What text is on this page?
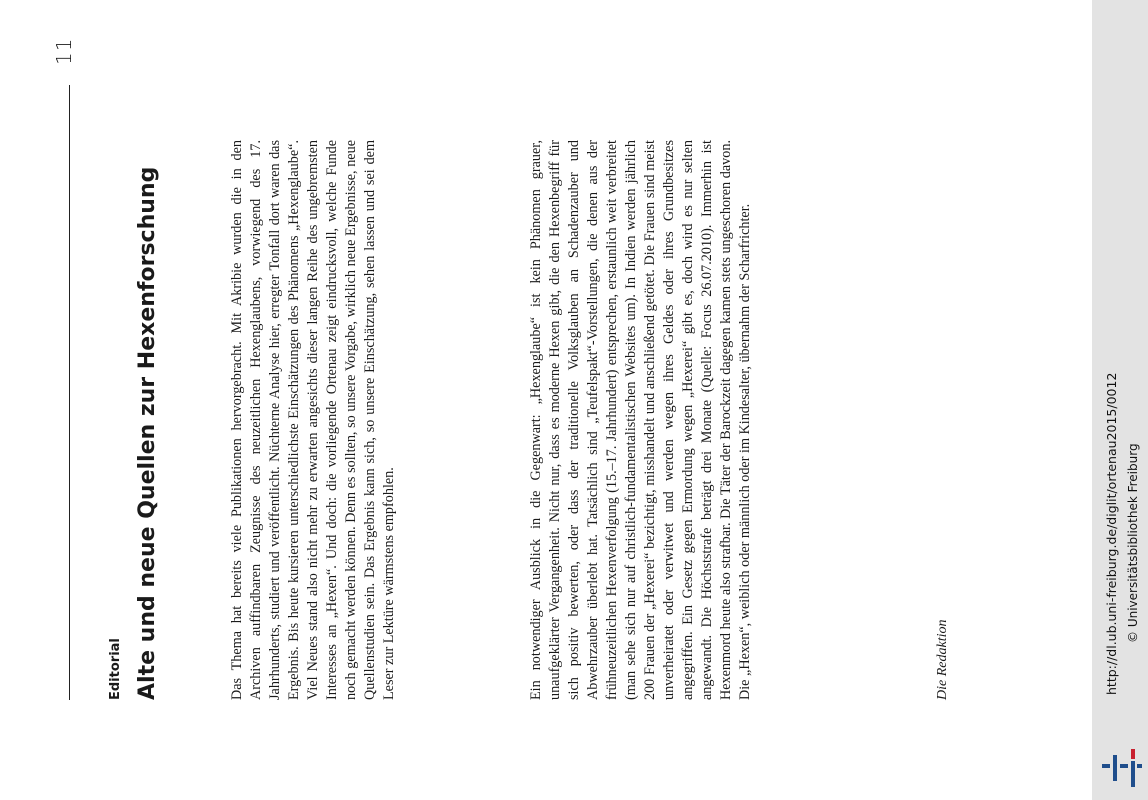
11
Editorial Alte und neue Quellen zur Hexenforschung	Das Thema hat bereits viele Publikationen hervorgebracht. Mit Akribie wurden die in den Archiven auffindbaren Zeugnisse des neuzeitlichen Hexenglaubens, vorwiegend des 17. Jahrhunderts, studiert und veröffentlicht. Nüchterne Analyse hier, erregter Tonfall dort waren das Ergebnis. Bis heute kursieren unterschiedlichste Einschätzungen des Phänomens „Hexenglaube“. Viel Neues stand also nicht mehr zu erwarten angesichts dieser langen Reihe des ungebremsten Interesses an „Hexen“. Und doch: die vorliegende Ortenau zeigt eindrucksvoll, welche Funde noch gemacht werden können. Denn es sollten, so unsere Vorgabe, wirklich neue Ergebnisse, neue Quellenstudien sein. Das Ergebnis kann sich, so unsere Einschätzung, sehen lassen und sei dem Leser zur Lektüre wärmstens empfohlen.	Ein notwendiger Ausblick in die Gegenwart: „Hexenglaube“ ist kein Phänomen grauer, unaufgeklärter Vergangenheit. Nicht nur, dass es moderne Hexen gibt, die den Hexenbegriff für sich positiv bewerten, oder dass der traditionelle Volksglauben an Schadenzauber und Abwehrzauber überlebt hat. Tatsächlich sind „Teufelspakt“-Vorstellungen, die denen aus der frühneuzeitlichen Hexenverfolgung (15.–17. Jahrhundert) entsprechen, erstaunlich weit verbreitet (man sehe sich nur auf christlich-fundamentalistischen Websites um). In Indien werden jährlich 200 Frauen der „Hexerei“ bezichtigt, misshandelt und anschließend getötet. Die Frauen sind meist unverheiratet oder verwitwet und werden wegen ihres Geldes oder ihres Grundbesitzes angegriffen. Ein Gesetz gegen Ermordung wegen „Hexerei“ gibt es, doch wird es nur selten angewandt. Die Höchststrafe beträgt drei Monate (Quelle: Focus 26.07.2010). Immerhin ist Hexenmord heute also strafbar. Die Täter der Barockzeit dagegen kamen stets ungeschoren davon. Die „Hexen“, weiblich oder männlich oder im Kindesalter, übernahm der Scharfrichter.	Die Redaktion	http://dl.ub.uni-freiburg.de/diglit/ortenau2015/0012 © Universitätsbibliothek Freiburg
